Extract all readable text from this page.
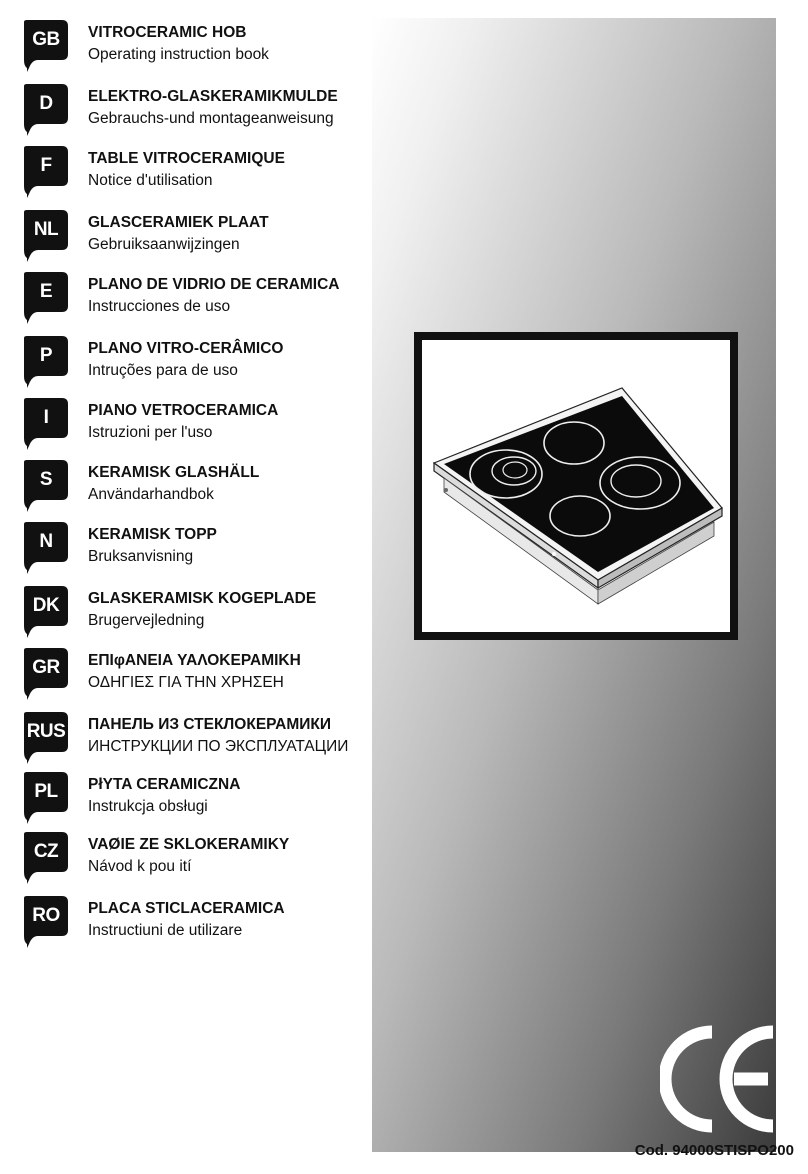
GB	VITROCERAMIC HOB
Operating instruction book
D	ELEKTRO-GLASKERAMIKMULDE
Gebrauchs-und montageanweisung
F	TABLE VITROCERAMIQUE
Notice d'utilisation
NL	GLASCERAMIEK PLAAT
Gebruiksaanwijzingen
E	PLANO DE VIDRIO DE CERAMICA
Instrucciones de uso
P	PLANO VITRO-CERÂMICO
Intruções para de uso
I	PIANO VETROCERAMICA
Istruzioni per l'uso
S	KERAMISK GLASHÄLL
Användarhandbok
N	KERAMISK TOPP
Bruksanvisning
DK	GLASKERAMISK KOGEPLADE
Brugervejledning
GR	ΕΠΙφΑΝΕΙΑ ΥΑΛΟΚΕΡΑΜΙΚΗ
ΟΔΗΓΙΕΣ ΓΙΑ ΤΗΝ ΧΡΗΣΕΗ
RUS ПАНЕЛЬ ИЗ СТЕКЛОКЕРАМИКИ
ИНСТРУКЦИИ ПО ЭКСПЛУАТАЦИИ
PL	PłYTA CERAMICZNA
Instrukcja obsługi
CZ	VAØIE ZE SKLOKERAMIKY
Návod k pou ití
RO	PLACA STICLACERAMICA
Instructiuni de utilizare
Cod. 94000STISPO200
